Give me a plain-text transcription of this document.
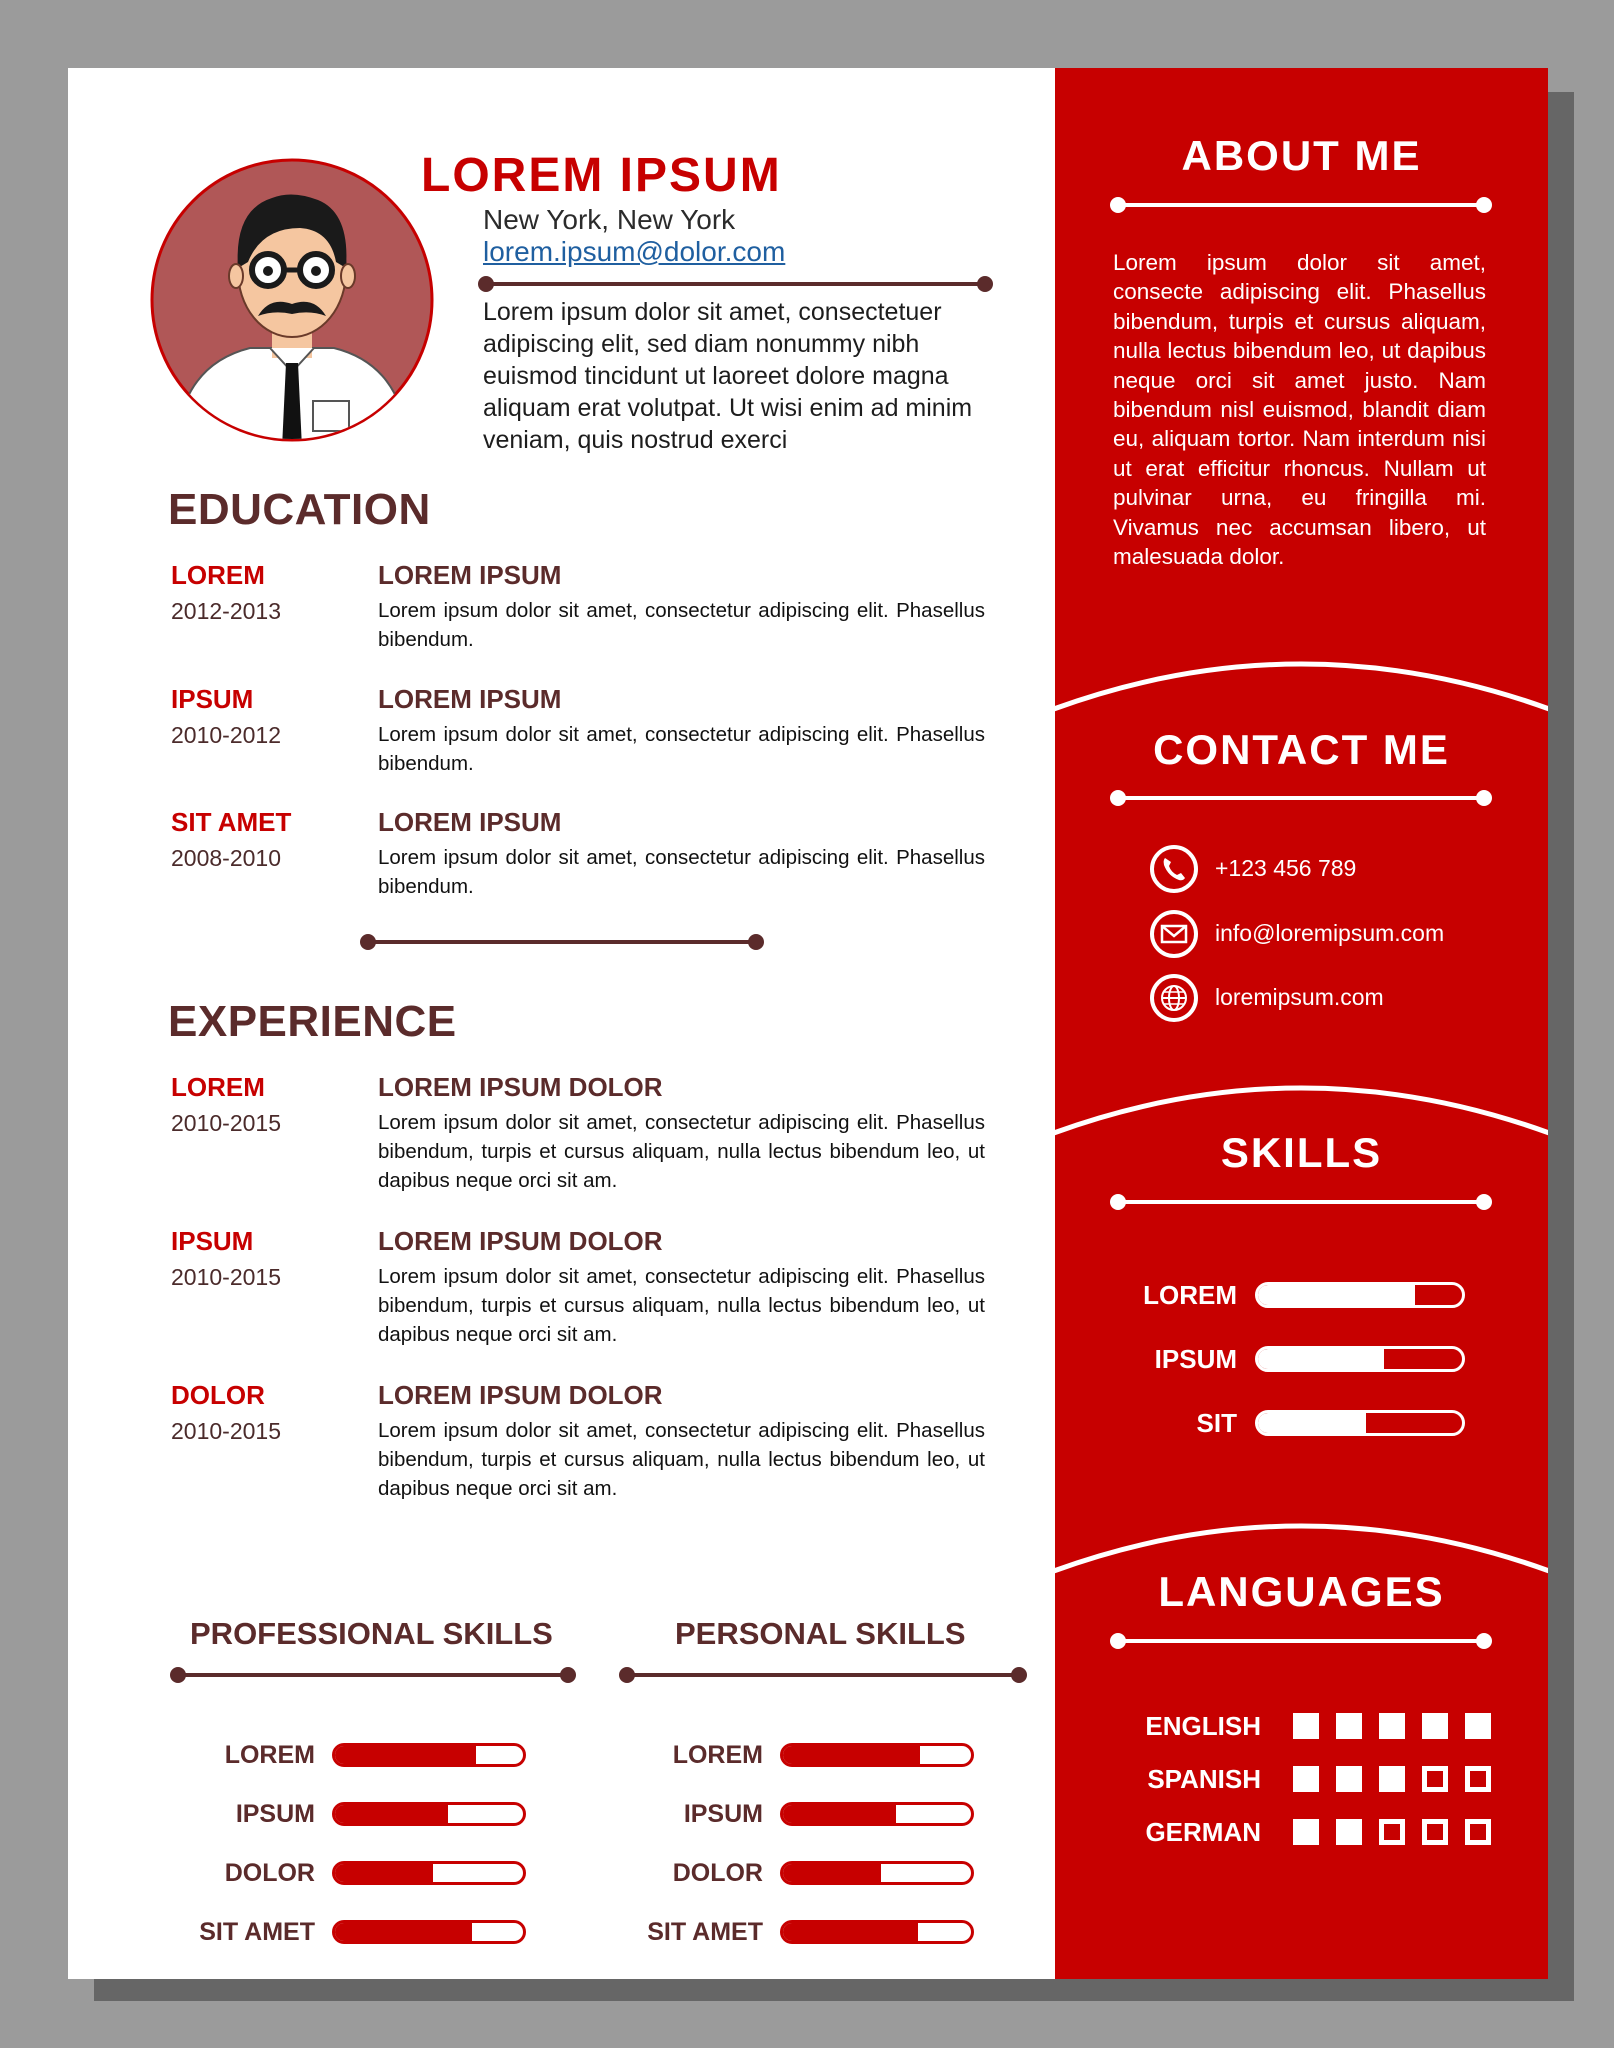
LOREM IPSUM
New York, New York
lorem.ipsum@dolor.com

Lorem ipsum dolor sit amet, consectetuer adipiscing elit, sed diam nonummy nibh euismod tincidunt ut laoreet dolore magna aliquam erat volutpat. Ut wisi enim ad minim veniam, quis nostrud exerci

EDUCATION
LOREM
2012-2013
LOREM IPSUM

Lorem ipsum dolor sit amet, consectetur adipiscing elit. Phasellus bibendum.

IPSUM
2010-2012
LOREM IPSUM

Lorem ipsum dolor sit amet, consectetur adipiscing elit. Phasellus bibendum.

SIT AMET
2008-2010
LOREM IPSUM

Lorem ipsum dolor sit amet, consectetur adipiscing elit. Phasellus bibendum.

EXPERIENCE
LOREM
2010-2015
LOREM IPSUM DOLOR

Lorem ipsum dolor sit amet, consectetur adipiscing elit. Phasellus bibendum, turpis et cursus aliquam, nulla lectus bibendum leo, ut dapibus neque orci sit am.

IPSUM
2010-2015
LOREM IPSUM DOLOR

Lorem ipsum dolor sit amet, consectetur adipiscing elit. Phasellus bibendum, turpis et cursus aliquam, nulla lectus bibendum leo, ut dapibus neque orci sit am.

DOLOR
2010-2015
LOREM IPSUM DOLOR

Lorem ipsum dolor sit amet, consectetur adipiscing elit. Phasellus bibendum, turpis et cursus aliquam, nulla lectus bibendum leo, ut dapibus neque orci sit am.

PROFESSIONAL SKILLS	PERSONAL SKILLS
LOREM
IPSUM
DOLOR
SIT AMET
LOREM
IPSUM
DOLOR
SIT AMET
ABOUT ME

Lorem ipsum dolor sit amet, consecte adipiscing elit. Phasellus bibendum, turpis et cursus aliquam, nulla lectus bibendum leo, ut dapibus neque orci sit amet justo. Nam bibendum nisl euismod, blandit diam eu, aliquam tortor. Nam interdum nisi ut erat efficitur rhoncus. Nullam ut pulvinar urna, eu fringilla mi. Vivamus nec accumsan libero, ut malesuada dolor.

CONTACT ME
+123 456 789
info@loremipsum.com
loremipsum.com
SKILLS
LOREM
IPSUM
SIT
LANGUAGES
ENGLISH
SPANISH
GERMAN
